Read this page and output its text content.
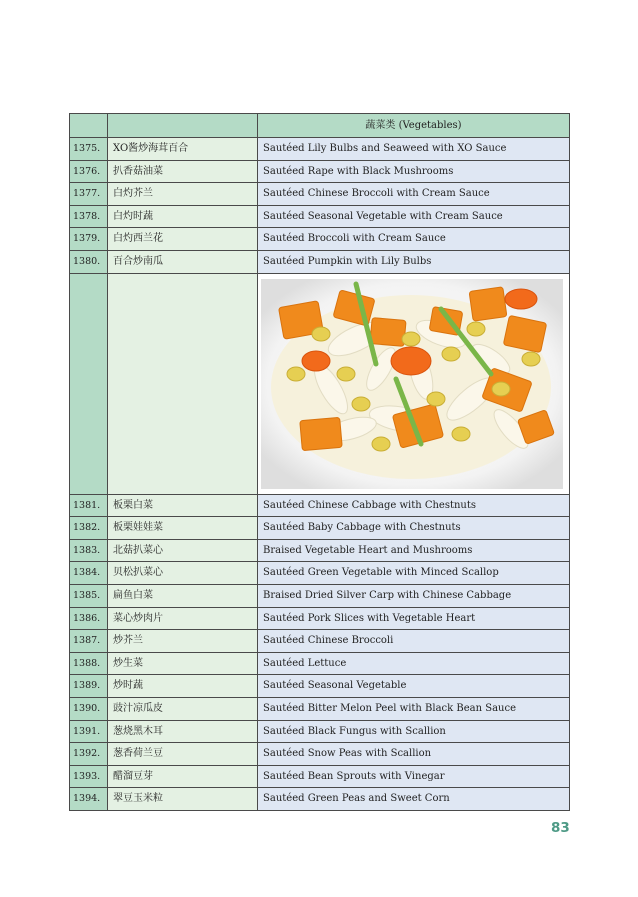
		蔬菜类 (Vegetables)
1375.	XO酱炒海茸百合	Sautéed Lily Bulbs and Seaweed with XO Sauce
1376.	扒香菇油菜	Sautéed Rape with Black Mushrooms
1377.	白灼芥兰	Sautéed Chinese Broccoli with Cream Sauce
1378.	白灼时蔬	Sautéed Seasonal Vegetable with Cream Sauce
1379.	白灼西兰花	Sautéed Broccoli with Cream Sauce
1380.	百合炒南瓜	Sautéed Pumpkin with Lily Bulbs

1381.	板栗白菜	Sautéed Chinese Cabbage with Chestnuts
1382.	板栗娃娃菜	Sautéed Baby Cabbage with Chestnuts
1383.	北菇扒菜心	Braised Vegetable Heart and Mushrooms
1384.	贝松扒菜心	Sautéed Green Vegetable with Minced Scallop
1385.	扁鱼白菜	Braised Dried Silver Carp with Chinese Cabbage
1386.	菜心炒肉片	Sautéed Pork Slices with Vegetable Heart
1387.	炒芥兰	Sautéed Chinese Broccoli
1388.	炒生菜	Sautéed Lettuce
1389.	炒时蔬	Sautéed Seasonal Vegetable
1390.	豉汁凉瓜皮	Sautéed Bitter Melon Peel with Black Bean Sauce
1391.	葱烧黑木耳	Sautéed Black Fungus with Scallion
1392.	葱香荷兰豆	Sautéed Snow Peas with Scallion
1393.	醋溜豆芽	Sautéed Bean Sprouts with Vinegar
1394.	翠豆玉米粒	Sautéed Green Peas and Sweet Corn
83
